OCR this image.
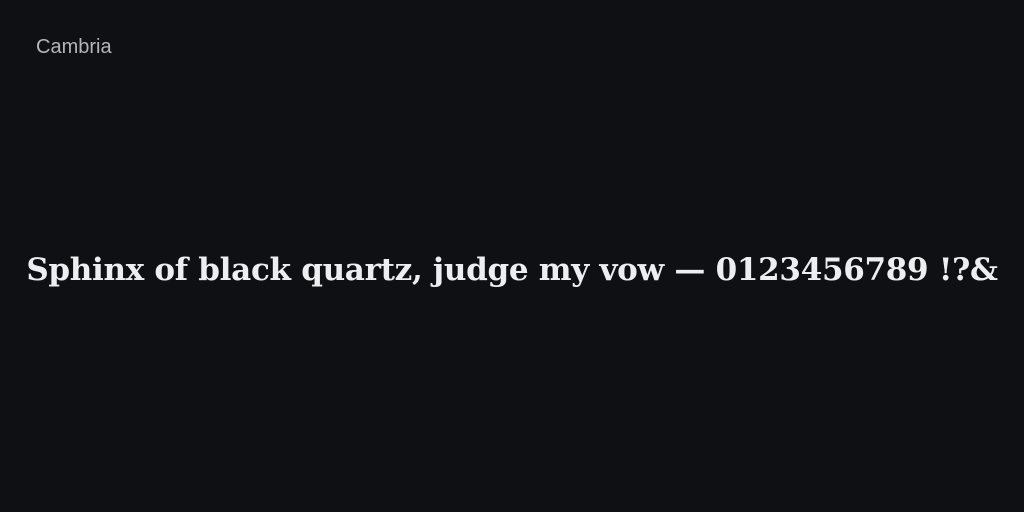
Cambria
Sphinx of black quartz, judge my vow — 0123456789 !?&
